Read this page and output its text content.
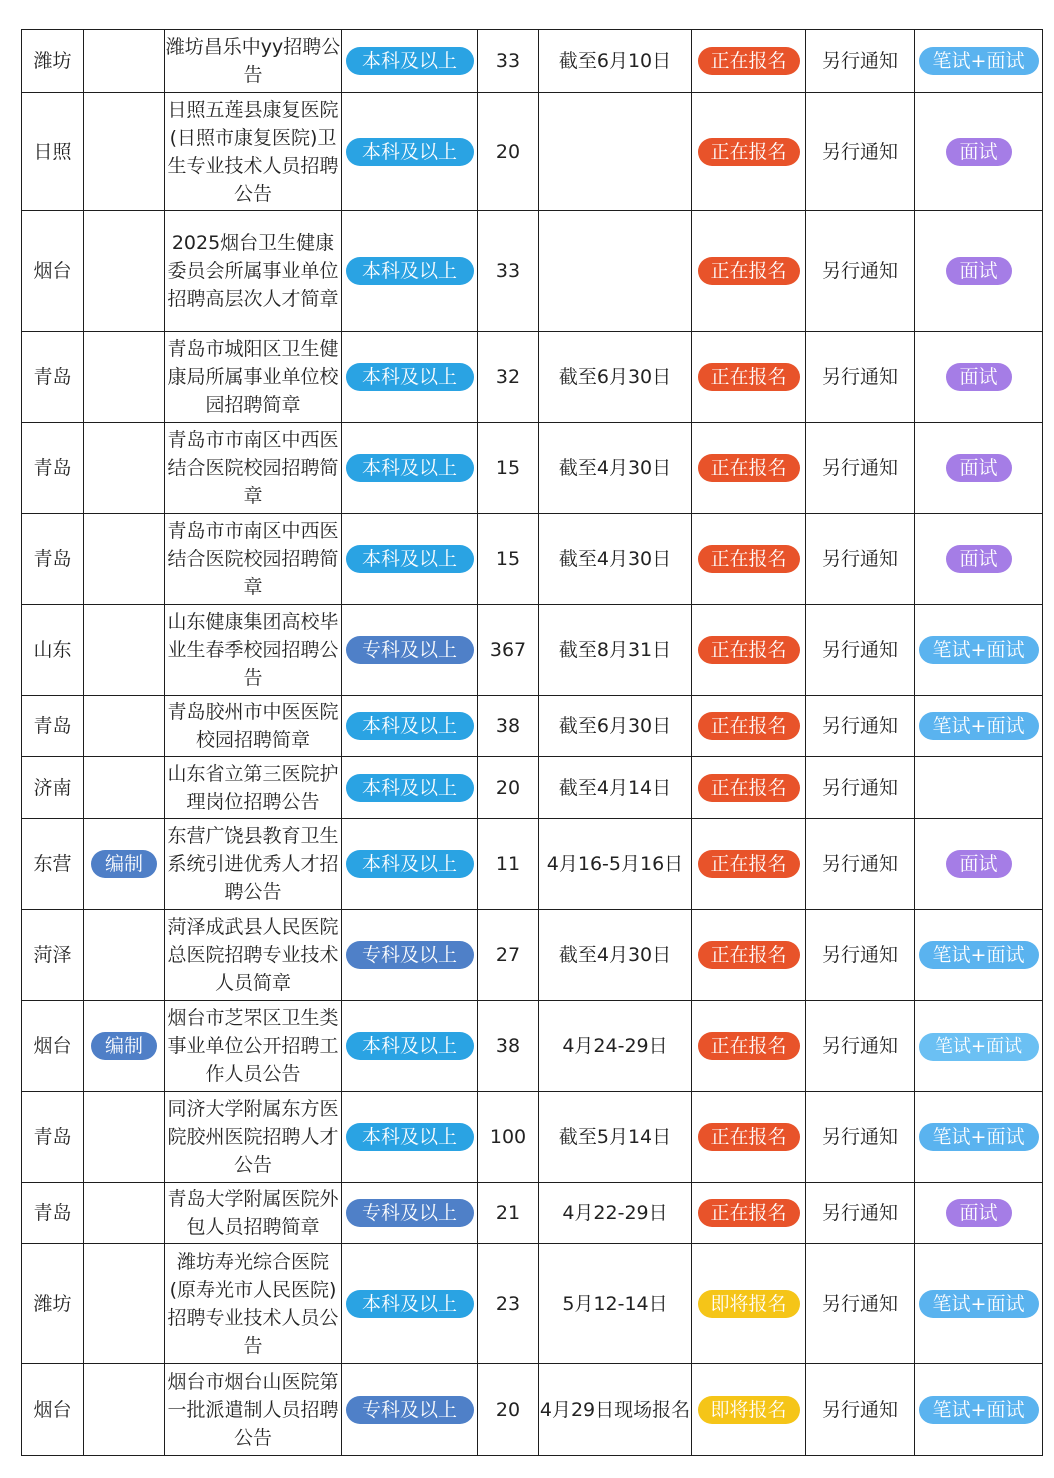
潍坊		潍坊昌乐中yy招聘公告	本科及以上	33	截至6月10日	正在报名	另行通知	笔试+面试
日照		日照五莲县康复医院(日照市康复医院)卫生专业技术人员招聘公告	本科及以上	20		正在报名	另行通知	面试
烟台		2025烟台卫生健康委员会所属事业单位招聘高层次人才简章	本科及以上	33		正在报名	另行通知	面试
青岛		青岛市城阳区卫生健康局所属事业单位校园招聘简章	本科及以上	32	截至6月30日	正在报名	另行通知	面试
青岛		青岛市市南区中西医结合医院校园招聘简章	本科及以上	15	截至4月30日	正在报名	另行通知	面试
青岛		青岛市市南区中西医结合医院校园招聘简章	本科及以上	15	截至4月30日	正在报名	另行通知	面试
山东		山东健康集团高校毕业生春季校园招聘公告	专科及以上	367	截至8月31日	正在报名	另行通知	笔试+面试
青岛		青岛胶州市中医医院校园招聘简章	本科及以上	38	截至6月30日	正在报名	另行通知	笔试+面试
济南		山东省立第三医院护理岗位招聘公告	本科及以上	20	截至4月14日	正在报名	另行通知	
东营	编制	东营广饶县教育卫生系统引进优秀人才招聘公告	本科及以上	11	4月16-5月16日	正在报名	另行通知	面试
菏泽		菏泽成武县人民医院总医院招聘专业技术人员简章	专科及以上	27	截至4月30日	正在报名	另行通知	笔试+面试
烟台	编制	烟台市芝罘区卫生类事业单位公开招聘工作人员公告	本科及以上	38	4月24-29日	正在报名	另行通知	笔试+面试
青岛		同济大学附属东方医院胶州医院招聘人才公告	本科及以上	100	截至5月14日	正在报名	另行通知	笔试+面试
青岛		青岛大学附属医院外包人员招聘简章	专科及以上	21	4月22-29日	正在报名	另行通知	面试
潍坊		潍坊寿光综合医院(原寿光市人民医院)招聘专业技术人员公告	本科及以上	23	5月12-14日	即将报名	另行通知	笔试+面试
烟台		烟台市烟台山医院第一批派遣制人员招聘公告	专科及以上	20	4月29日现场报名	即将报名	另行通知	笔试+面试
